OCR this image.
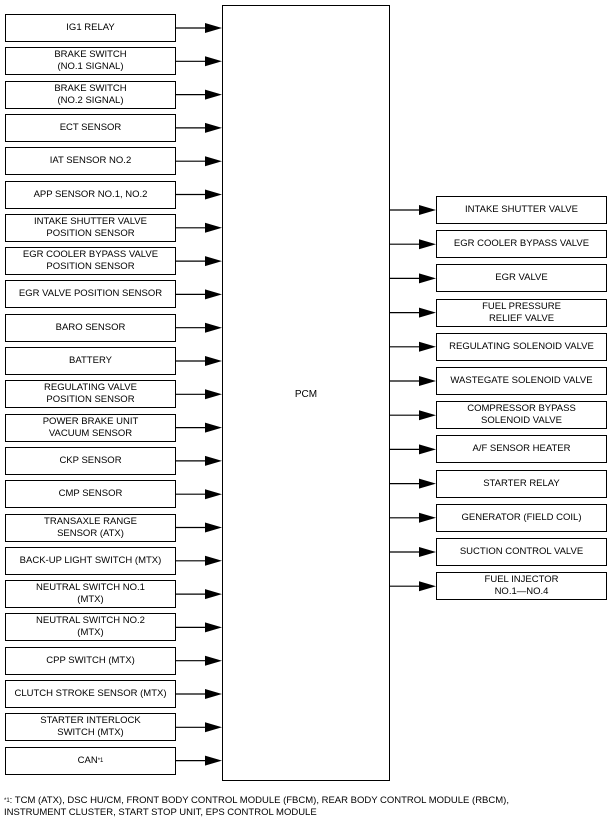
IG1 RELAY
BRAKE SWITCH
(NO.1 SIGNAL)
BRAKE SWITCH
(NO.2 SIGNAL)
ECT SENSOR
IAT SENSOR NO.2
APP SENSOR NO.1, NO.2
INTAKE SHUTTER VALVE
POSITION SENSOR
EGR COOLER BYPASS VALVE
POSITION SENSOR
EGR VALVE POSITION SENSOR
BARO SENSOR
BATTERY
REGULATING VALVE
POSITION SENSOR
POWER BRAKE UNIT
VACUUM SENSOR
CKP SENSOR
CMP SENSOR
TRANSAXLE RANGE
SENSOR (ATX)
BACK-UP LIGHT SWITCH (MTX)
NEUTRAL SWITCH NO.1
(MTX)
NEUTRAL SWITCH NO.2
(MTX)
CPP SWITCH (MTX)
CLUTCH STROKE SENSOR (MTX)
STARTER INTERLOCK
SWITCH (MTX)
CAN *1
PCM
INTAKE SHUTTER VALVE
EGR COOLER BYPASS VALVE
EGR VALVE
FUEL PRESSURE
RELIEF VALVE
REGULATING SOLENOID VALVE
WASTEGATE SOLENOID VALVE
COMPRESSOR BYPASS
SOLENOID VALVE
A/F SENSOR HEATER
STARTER RELAY
GENERATOR (FIELD COIL)
SUCTION CONTROL VALVE
FUEL INJECTOR
NO.1—NO.4
$^{*1}$: TCM (ATX), DSC HU/CM, FRONT BODY CONTROL MODULE (FBCM), REAR BODY CONTROL MODULE (RBCM),
INSTRUMENT CLUSTER, START STOP UNIT, EPS CONTROL MODULE
